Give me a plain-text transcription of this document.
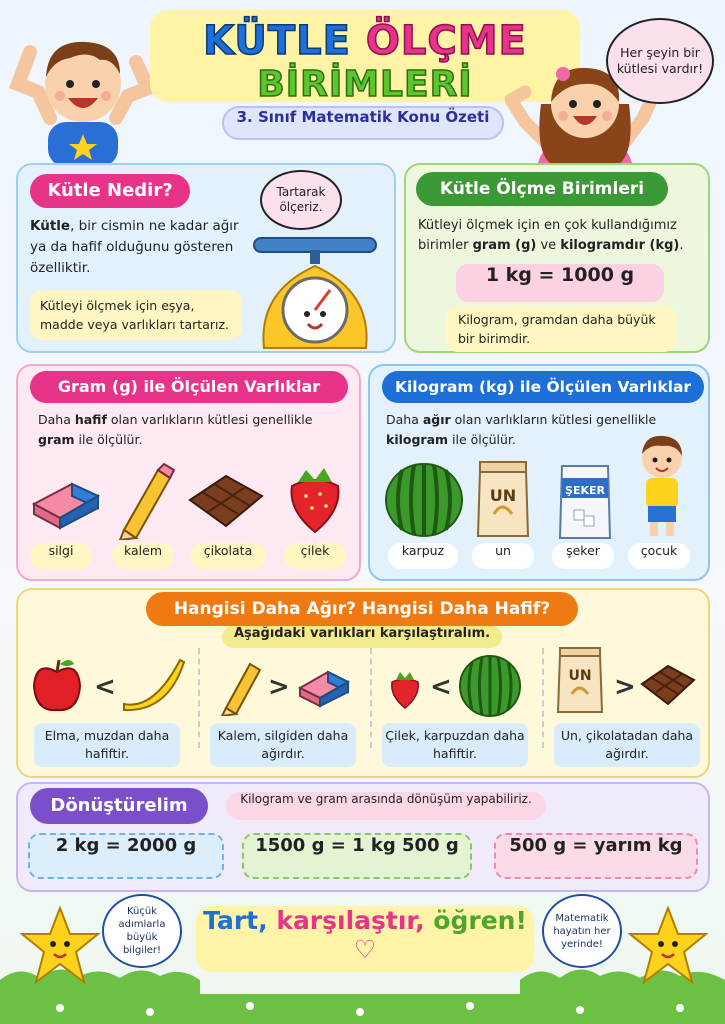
KÜTLE ÖLÇME
BİRİMLERİ
3. Sınıf Matematik Konu Özeti
Her şeyin bir kütlesi vardır!
Kütle Nedir?
Kütle, bir cismin ne kadar ağır ya da hafif olduğunu gösteren özelliktir.
Kütleyi ölçmek için eşya, madde veya varlıkları tartarız.
Tartarak ölçeriz.
Kütle Ölçme Birimleri
Kütleyi ölçmek için en çok kullandığımız birimler gram (g) ve kilogramdır (kg).
1 kg = 1000 g
Kilogram, gramdan daha büyük bir birimdir.
Gram (g) ile Ölçülen Varlıklar
Daha hafif olan varlıkların kütlesi genellikle gram ile ölçülür.
silgi	kalem	çikolata	çilek
Kilogram (kg) ile Ölçülen Varlıklar
Daha ağır olan varlıkların kütlesi genellikle kilogram ile ölçülür.
UN	ŞEKER
karpuz	un	şeker	çocuk
Hangisi Daha Ağır? Hangisi Daha Hafif?
Aşağıdaki varlıkları karşılaştıralım.
<
Elma, muzdan daha hafiftir.
>
Kalem, silgiden daha ağırdır.
<
Çilek, karpuzdan daha hafiftir.
UN >
Un, çikolatadan daha ağırdır.
Dönüştürelim	Kilogram ve gram arasında dönüşüm yapabiliriz.
2 kg = 2000 g	1500 g = 1 kg 500 g	500 g = yarım kg
Küçük adımlarla büyük bilgiler!
Tart, karşılaştır, öğren! ♡
Matematik hayatın her yerinde!
